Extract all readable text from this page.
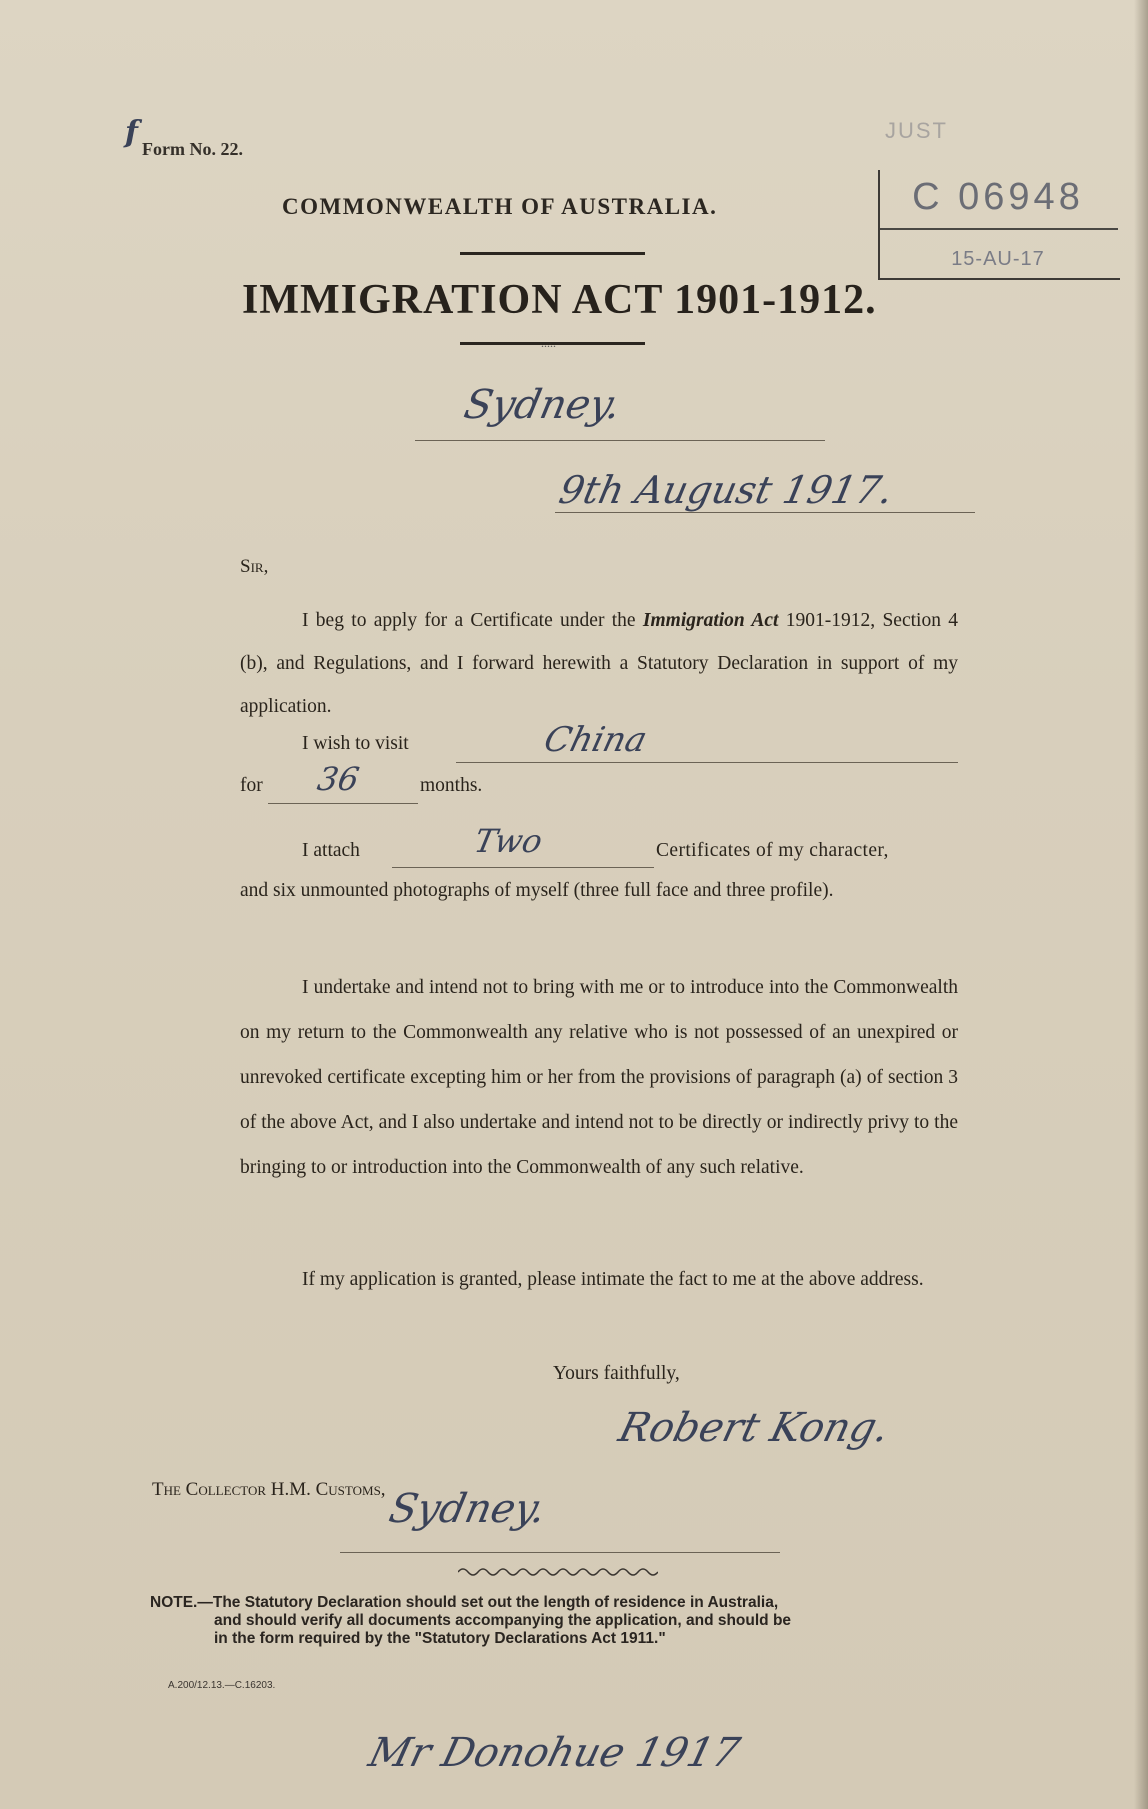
f Form No. 22.
COMMONWEALTH OF AUSTRALIA.
IMMIGRATION ACT 1901-1912.
.....
JUST
C 06948
15-AU-17
Sydney.
9th August 1917.
Sir,
I beg to apply for a Certificate under the Immigration Act 1901-1912, Section 4 (b), and Regulations, and I forward herewith a Statutory Declaration in support of my application.
I wish to visit	China
for 36	months.
I attach	Two	Certificates of my character,
and six unmounted photographs of myself (three full face and three profile).
I undertake and intend not to bring with me or to introduce into the Commonwealth on my return to the Commonwealth any relative who is not possessed of an unexpired or unrevoked certificate excepting him or her from the provisions of paragraph (a) of section 3 of the above Act, and I also undertake and intend not to be directly or indirectly privy to the bringing to or introduction into the Commonwealth of any such relative.
If my application is granted, please intimate the fact to me at the above address.
Yours faithfully,
Robert Kong.
The Collector H.M. Customs, Sydney.
NOTE.—The Statutory Declaration should set out the length of residence in Australia,

and should verify all documents accompanying the application, and should be
in the form required by the "Statutory Declarations Act 1911."
A.200/12.13.—C.16203.
Mr Donohue 1917
